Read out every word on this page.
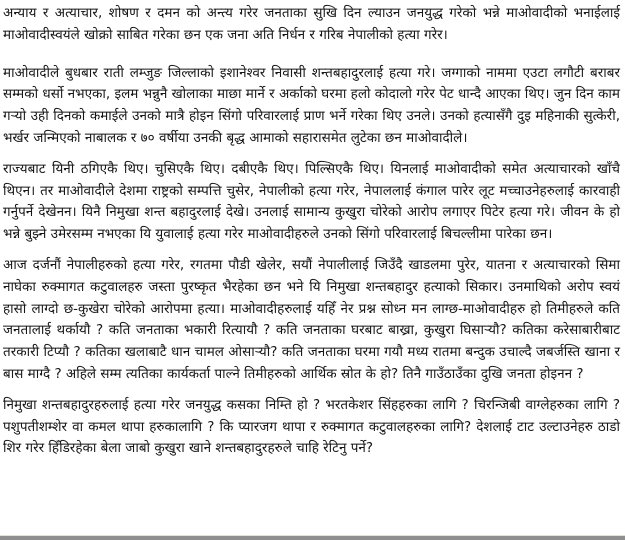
अन्याय र अत्याचार, शोषण र दमन को अन्त्य गरेर जनताका सुखि दिन ल्याउन जनयुद्ध गरेको भन्ने माओवादीको भनाईलाई माओवादीस्वयंले खोक्रो साबित गरेका छन एक जना अति निर्धन र गरिब नेपालीको हत्या गरेर।

माओवादीले बुधबार राती लम्जुङ जिल्लाको इशानेश्वर निवासी शन्तबहादुरलाई हत्या गरे। जग्गाको नाममा एउटा लगौटी बराबर सम्मको धर्सो नभएका, इलम भन्नुनै खोलाका माछा मार्ने र अर्काको घरमा हलो कोदालो गरेर पेट धान्दै आएका थिए। जुन दिन काम गऱ्यो उही दिनको कमाईले उनको मात्रै होइन सिंगो परिवारलाई प्राण भर्ने गरेका थिए उनले। उनको हत्यासँगै दुइ महिनाकी सुत्केरी, भर्खर जन्मिएको नाबालक र ७० वर्षीया उनकी बृद्ध आमाको सहारासमेत लुटेका छन माओवादीले।

राज्यबाट यिनी ठगिएकै थिए। चुसिएकै थिए। दबीएकै थिए। पिल्सिएकै थिए। यिनलाई माओवादीको समेत अत्याचारको खाँचै थिएन। तर माओवादीले देशमा राष्ट्रको सम्पत्ति चुसेर, नेपालीको हत्या गरेर, नेपाललाई कंगाल पारेर लूट मच्चाउनेहरुलाई कारवाही गर्नुपर्ने देखेनन। यिनै निमुखा शन्त बहादुरलाई देखे। उनलाई सामान्य कुखुरा चोरेको आरोप लगाएर पिटेर हत्या गरे। जीवन के हो भन्ने बुझ्ने उमेरसम्म नभएका यि युवालाई हत्या गरेर माओवादीहरुले उनको सिंगो परिवारलाई बिचल्लीमा पारेका छन।

आज दर्जनौं नेपालीहरुको हत्या गरेर, रगतमा पौडी खेलेर, सयौं नेपालीलाई जिउँदै खाडलमा पुरेर, यातना र अत्याचारको सिमा नाघेका रुक्मागत कटुवालहरु जस्ता पुरष्कृत भैरहेका छन भने यि निमुखा शन्तबहादुर हत्याको सिकार। उनमाथिको अरोप स्वयं हासो लाग्दो छ-कुखेरा चोरेको आरोपमा हत्या। माओवादीहरुलाई यहिँ नेर प्रश्न सोध्न मन लाग्छ-माओवादीहरु हो तिमीहरुले कति जनतालाई थर्कायौ ? कति जनताका भकारी रित्यायौ ? कति जनताका घरबाट बाख्रा, कुखुरा घिसाऱ्यौ? कतिका करेसाबारीबाट तरकारी टिप्यौ ? कतिका खलाबाटै धान चामल ओसाऱ्यौ? कति जनताका घरमा गयौ मध्य रातमा बन्दुक उचाल्दै जबर्जस्ति खाना र बास माग्दै ? अहिले सम्म त्यतिका कार्यकर्ता पाल्ने तिमीहरुको आर्थिक स्रोत के हो? तिनै गाउँठाउँका दुखि जनता होइनन ?

निमुखा शन्तबहादुरहरुलाई हत्या गरेर जनयुद्ध कसका निम्ति हो ? भरतकेशर सिंहहरुका लागि ? चिरन्जिबी वाग्लेहरुका लागि ? पशुपतीशम्शेर वा कमल थापा हरुकालागि ? कि प्यारजग थापा र रुक्मागत कटुवालहरुका लागि? देशलाई टाट उल्टाउनेहरु ठाडो शिर गरेर हिँडिरहेका बेला जाबो कुखुरा खाने शन्तबहादुरहरुले चाहि रेटिनु पर्ने?
